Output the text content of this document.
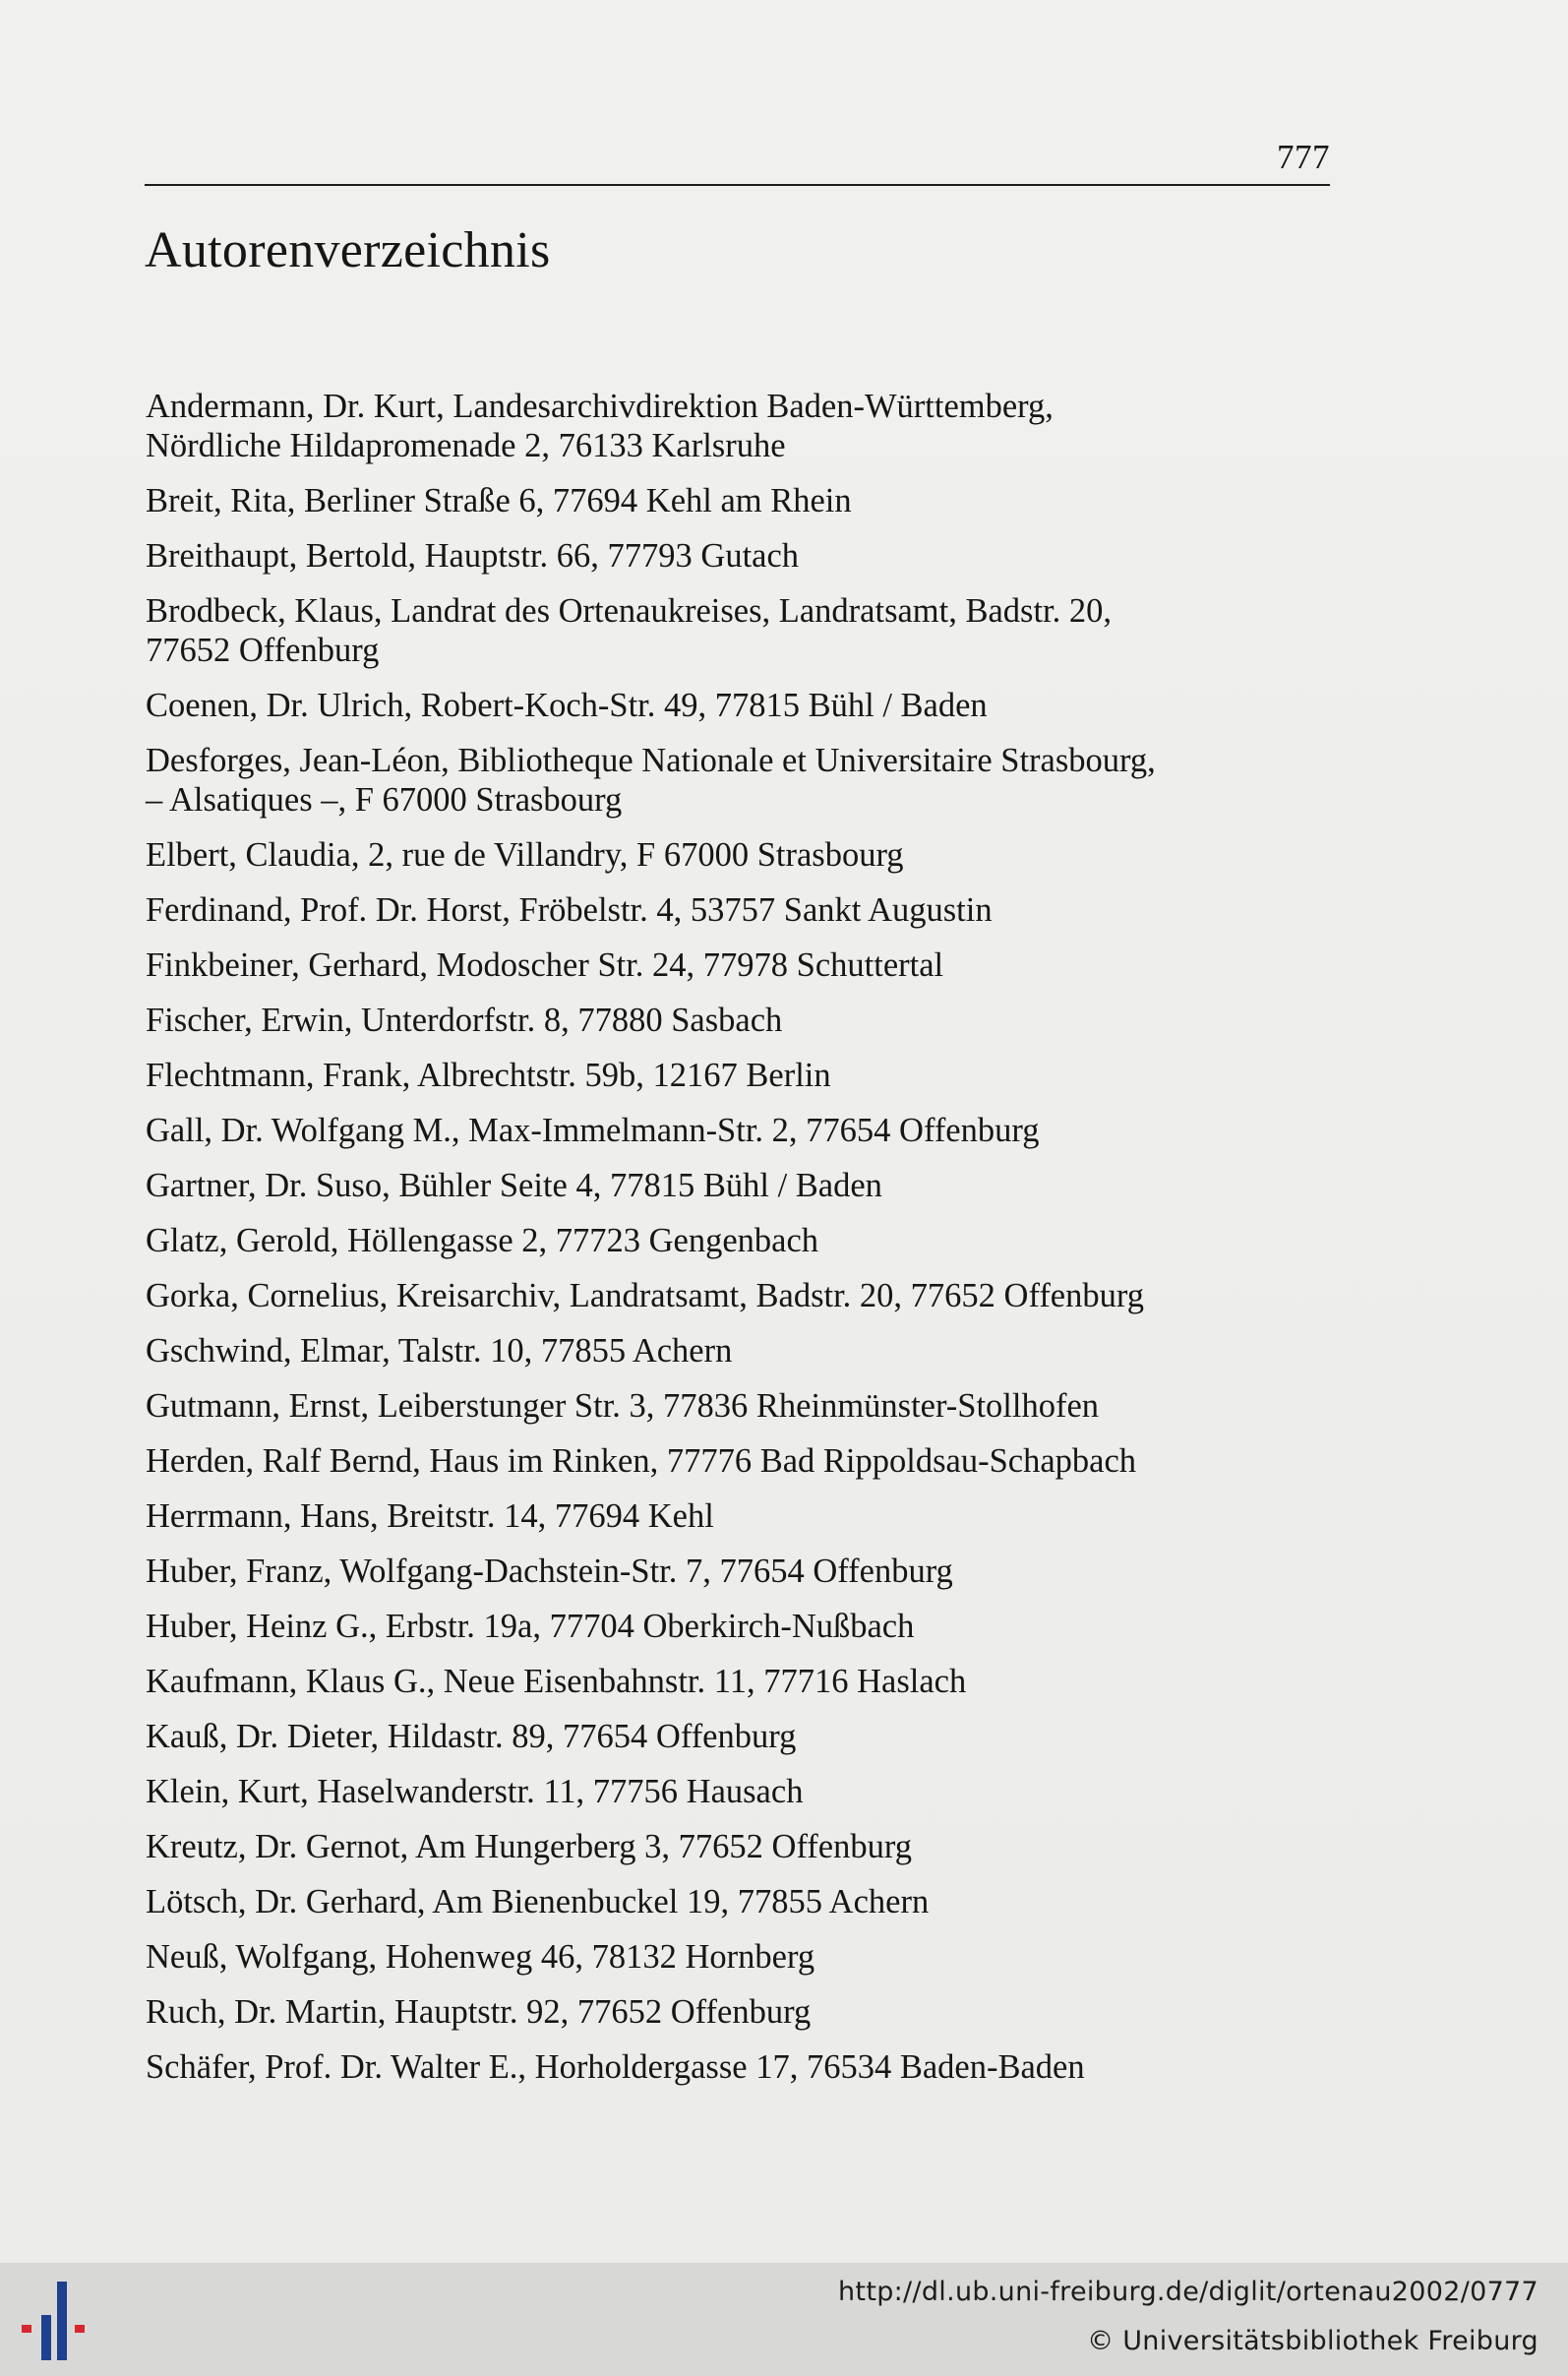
777
Autorenverzeichnis
Andermann, Dr. Kurt, Landesarchivdirektion Baden-Württemberg,
Nördliche Hildapromenade 2, 76133 Karlsruhe
Breit, Rita, Berliner Straße 6, 77694 Kehl am Rhein
Breithaupt, Bertold, Hauptstr. 66, 77793 Gutach
Brodbeck, Klaus, Landrat des Ortenaukreises, Landratsamt, Badstr. 20,
77652 Offenburg
Coenen, Dr. Ulrich, Robert-Koch-Str. 49, 77815 Bühl / Baden
Desforges, Jean-Léon, Bibliotheque Nationale et Universitaire Strasbourg,
– Alsatiques –, F 67000 Strasbourg
Elbert, Claudia, 2, rue de Villandry, F 67000 Strasbourg
Ferdinand, Prof. Dr. Horst, Fröbelstr. 4, 53757 Sankt Augustin
Finkbeiner, Gerhard, Modoscher Str. 24, 77978 Schuttertal
Fischer, Erwin, Unterdorfstr. 8, 77880 Sasbach
Flechtmann, Frank, Albrechtstr. 59b, 12167 Berlin
Gall, Dr. Wolfgang M., Max-Immelmann-Str. 2, 77654 Offenburg
Gartner, Dr. Suso, Bühler Seite 4, 77815 Bühl / Baden
Glatz, Gerold, Höllengasse 2, 77723 Gengenbach
Gorka, Cornelius, Kreisarchiv, Landratsamt, Badstr. 20, 77652 Offenburg
Gschwind, Elmar, Talstr. 10, 77855 Achern
Gutmann, Ernst, Leiberstunger Str. 3, 77836 Rheinmünster-Stollhofen
Herden, Ralf Bernd, Haus im Rinken, 77776 Bad Rippoldsau-Schapbach
Herrmann, Hans, Breitstr. 14, 77694 Kehl
Huber, Franz, Wolfgang-Dachstein-Str. 7, 77654 Offenburg
Huber, Heinz G., Erbstr. 19a, 77704 Oberkirch-Nußbach
Kaufmann, Klaus G., Neue Eisenbahnstr. 11, 77716 Haslach
Kauß, Dr. Dieter, Hildastr. 89, 77654 Offenburg
Klein, Kurt, Haselwanderstr. 11, 77756 Hausach
Kreutz, Dr. Gernot, Am Hungerberg 3, 77652 Offenburg
Lötsch, Dr. Gerhard, Am Bienenbuckel 19, 77855 Achern
Neuß, Wolfgang, Hohenweg 46, 78132 Hornberg
Ruch, Dr. Martin, Hauptstr. 92, 77652 Offenburg
Schäfer, Prof. Dr. Walter E., Horholdergasse 17, 76534 Baden-Baden
http://dl.ub.uni-freiburg.de/diglit/ortenau2002/0777
© Universitätsbibliothek Freiburg
